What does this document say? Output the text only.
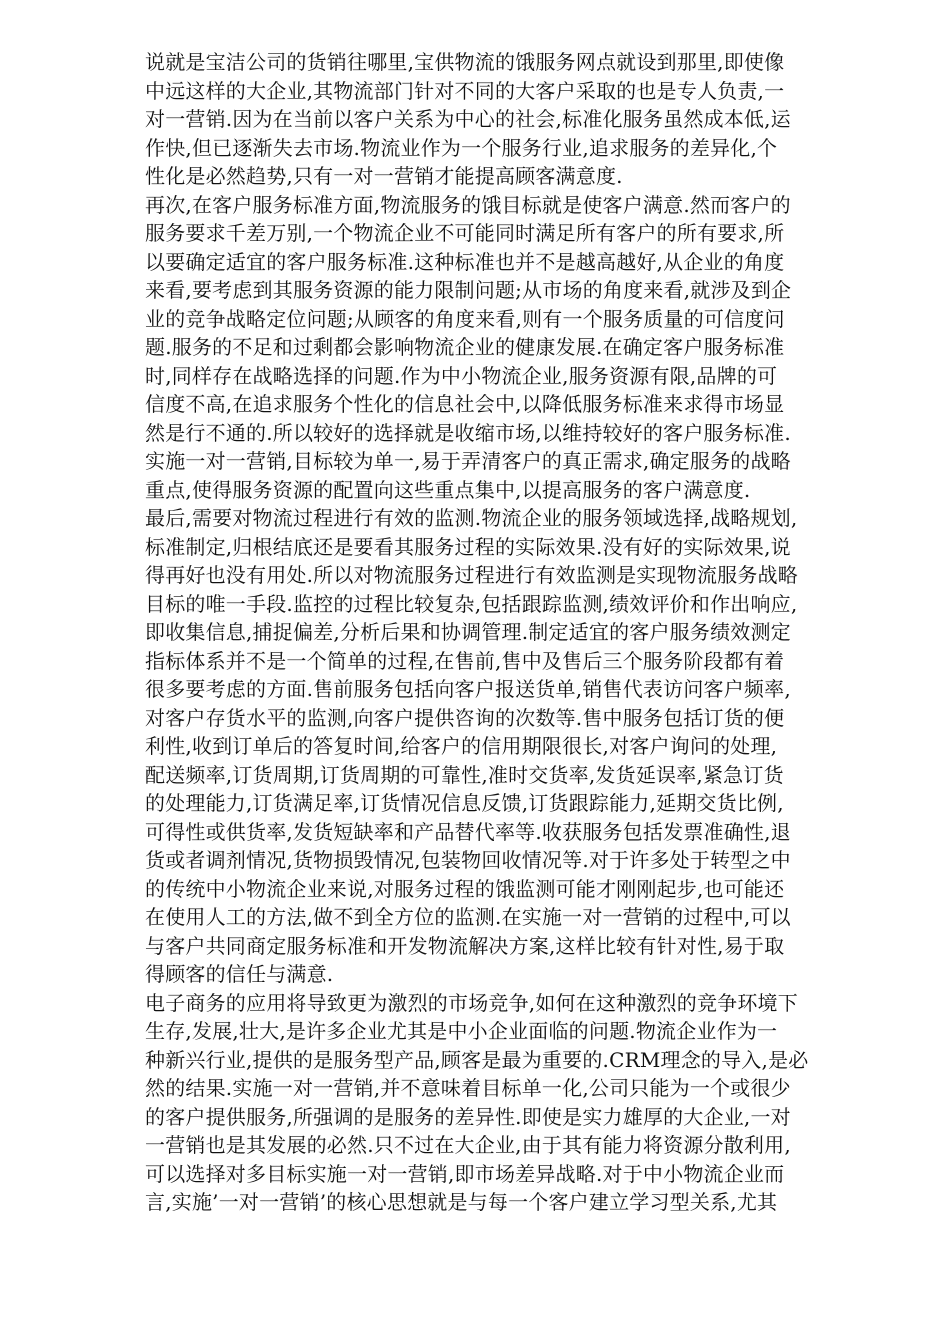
说就是宝洁公司的货销往哪里,宝供物流的饿服务网点就设到那里,即使像
中远这样的大企业,其物流部门针对不同的大客户采取的也是专人负责,一
对一营销.因为在当前以客户关系为中心的社会,标准化服务虽然成本低,运
作快,但已逐渐失去市场.物流业作为一个服务行业,追求服务的差异化,个
性化是必然趋势,只有一对一营销才能提高顾客满意度.
再次,在客户服务标准方面,物流服务的饿目标就是使客户满意.然而客户的
服务要求千差万别,一个物流企业不可能同时满足所有客户的所有要求,所
以要确定适宜的客户服务标准.这种标准也并不是越高越好,从企业的角度
来看,要考虑到其服务资源的能力限制问题;从市场的角度来看,就涉及到企
业的竞争战略定位问题;从顾客的角度来看,则有一个服务质量的可信度问
题.服务的不足和过剩都会影响物流企业的健康发展.在确定客户服务标准
时,同样存在战略选择的问题.作为中小物流企业,服务资源有限,品牌的可
信度不高,在追求服务个性化的信息社会中,以降低服务标准来求得市场显
然是行不通的.所以较好的选择就是收缩市场,以维持较好的客户服务标准.
实施一对一营销,目标较为单一,易于弄清客户的真正需求,确定服务的战略
重点,使得服务资源的配置向这些重点集中,以提高服务的客户满意度.
最后,需要对物流过程进行有效的监测.物流企业的服务领域选择,战略规划,
标准制定,归根结底还是要看其服务过程的实际效果.没有好的实际效果,说
得再好也没有用处.所以对物流服务过程进行有效监测是实现物流服务战略
目标的唯一手段.监控的过程比较复杂,包括跟踪监测,绩效评价和作出响应,
即收集信息,捕捉偏差,分析后果和协调管理.制定适宜的客户服务绩效测定
指标体系并不是一个简单的过程,在售前,售中及售后三个服务阶段都有着
很多要考虑的方面.售前服务包括向客户报送货单,销售代表访问客户频率,
对客户存货水平的监测,向客户提供咨询的次数等.售中服务包括订货的便
利性,收到订单后的答复时间,给客户的信用期限很长,对客户询问的处理,
配送频率,订货周期,订货周期的可靠性,准时交货率,发货延误率,紧急订货
的处理能力,订货满足率,订货情况信息反馈,订货跟踪能力,延期交货比例,
可得性或供货率,发货短缺率和产品替代率等.收获服务包括发票准确性,退
货或者调剂情况,货物损毁情况,包装物回收情况等.对于许多处于转型之中
的传统中小物流企业来说,对服务过程的饿监测可能才刚刚起步,也可能还
在使用人工的方法,做不到全方位的监测.在实施一对一营销的过程中,可以
与客户共同商定服务标准和开发物流解决方案,这样比较有针对性,易于取
得顾客的信任与满意.
电子商务的应用将导致更为激烈的市场竞争,如何在这种激烈的竞争环境下
生存,发展,壮大,是许多企业尤其是中小企业面临的问题.物流企业作为一
种新兴行业,提供的是服务型产品,顾客是最为重要的.CRM理念的导入,是必
然的结果.实施一对一营销,并不意味着目标单一化,公司只能为一个或很少
的客户提供服务,所强调的是服务的差异性.即使是实力雄厚的大企业,一对
一营销也是其发展的必然.只不过在大企业,由于其有能力将资源分散利用,
可以选择对多目标实施一对一营销,即市场差异战略.对于中小物流企业而
言,实施’一对一营销’的核心思想就是与每一个客户建立学习型关系,尤其
